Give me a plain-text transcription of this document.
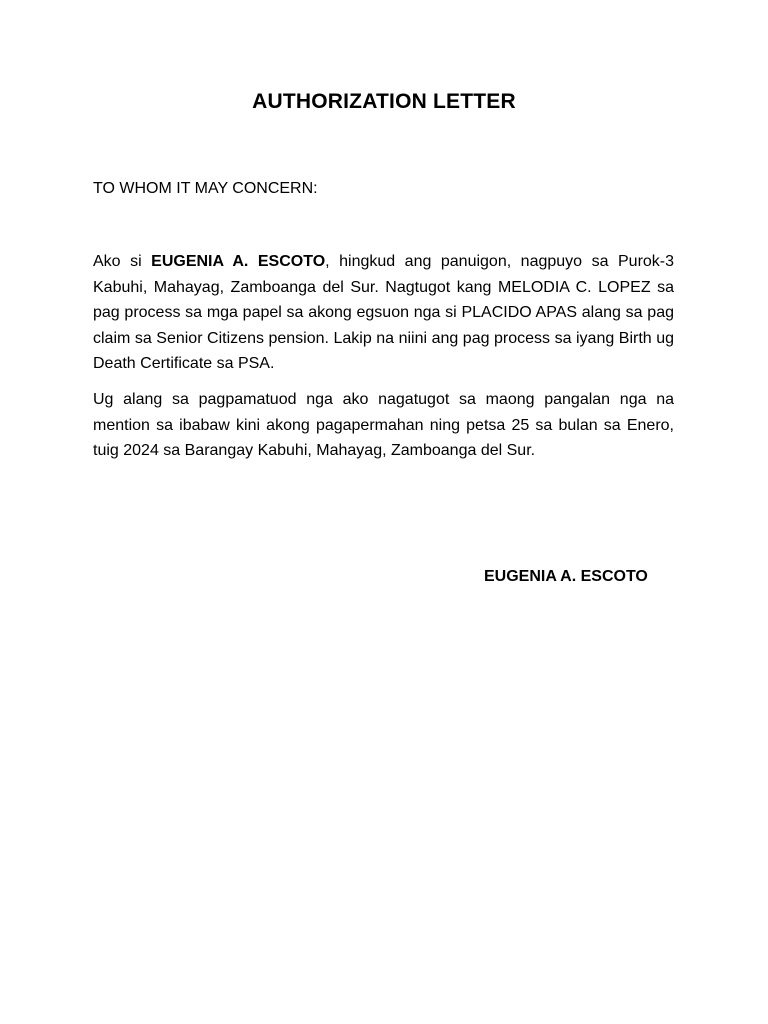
AUTHORIZATION LETTER
TO WHOM IT MAY CONCERN:

Ako si EUGENIA A. ESCOTO, hingkud ang panuigon, nagpuyo sa Purok-3 Kabuhi, Mahayag, Zamboanga del Sur. Nagtugot kang MELODIA C. LOPEZ sa pag process sa mga papel sa akong egsuon nga si PLACIDO APAS alang sa pag claim sa Senior Citizens pension. Lakip na niini ang pag process sa iyang Birth ug Death Certificate sa PSA.

Ug alang sa pagpamatuod nga ako nagatugot sa maong pangalan nga na mention sa ibabaw kini akong pagapermahan ning petsa 25 sa bulan sa Enero, tuig 2024 sa Barangay Kabuhi, Mahayag, Zamboanga del Sur.

EUGENIA A. ESCOTO
